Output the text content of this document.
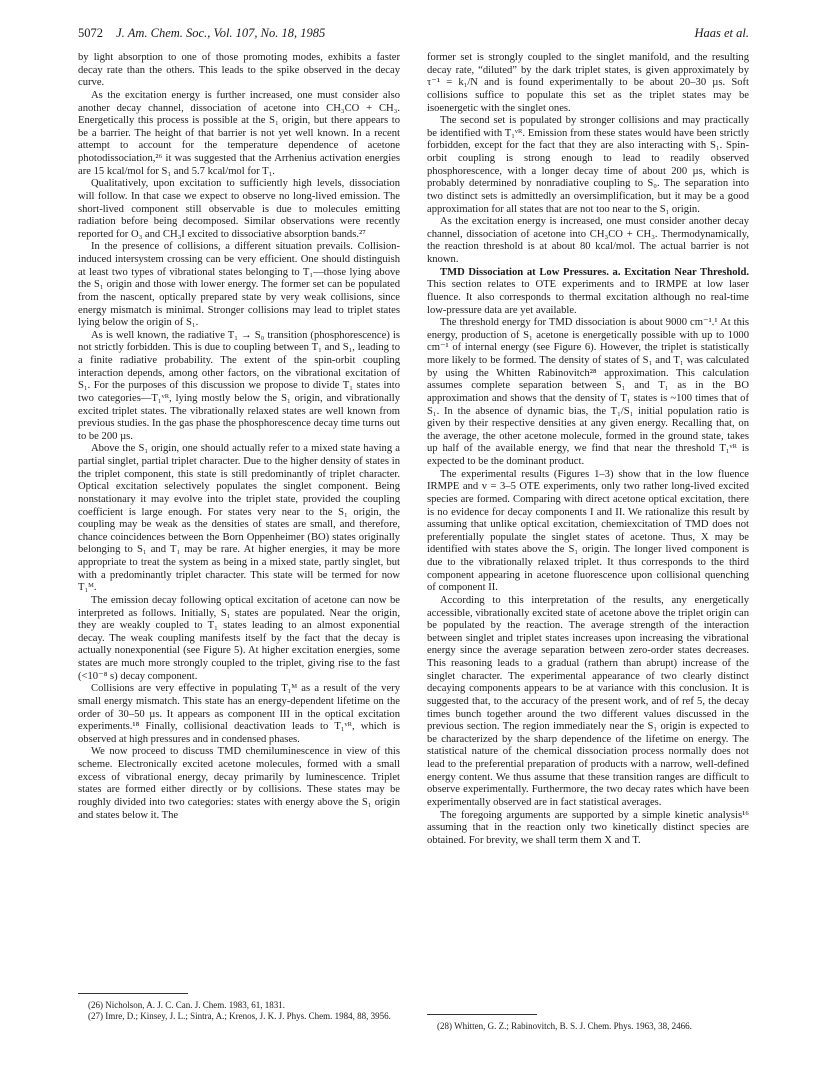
5072 J. Am. Chem. Soc., Vol. 107, No. 18, 1985	Haas et al.

by light absorption to one of those promoting modes, exhibits a faster decay rate than the others. This leads to the spike observed in the decay curve.

As the excitation energy is further increased, one must consider also another decay channel, dissociation of acetone into CH₃CO + CH₃. Energetically this process is possible at the S₁ origin, but there appears to be a barrier. The height of that barrier is not yet well known. In a recent attempt to account for the temperature dependence of acetone photodissociation,²⁶ it was suggested that the Arrhenius activation energies are 15 kcal/mol for S₁ and 5.7 kcal/mol for T₁.

Qualitatively, upon excitation to sufficiently high levels, dissociation will follow. In that case we expect to observe no long-lived emission. The short-lived component still observable is due to molecules emitting radiation before being decomposed. Similar observations were recently reported for O₃ and CH₃I excited to dissociative absorption bands.²⁷

In the presence of collisions, a different situation prevails. Collision-induced intersystem crossing can be very efficient. One should distinguish at least two types of vibrational states belonging to T₁—those lying above the S₁ origin and those with lower energy. The former set can be populated from the nascent, optically prepared state by very weak collisions, since energy mismatch is minimal. Stronger collisions may lead to triplet states lying below the origin of S₁.

As is well known, the radiative T₁ → S₀ transition (phosphorescence) is not strictly forbidden. This is due to coupling between T₁ and S₁, leading to a finite radiative probability. The extent of the spin-orbit coupling interaction depends, among other factors, on the vibrational excitation of S₁. For the purposes of this discussion we propose to divide T₁ states into two categories—T₁ᵛᴿ, lying mostly below the S₁ origin, and vibrationally excited triplet states. The vibrationally relaxed states are well known from previous studies. In the gas phase the phosphorescence decay time turns out to be 200 µs.

Above the S₁ origin, one should actually refer to a mixed state having a partial singlet, partial triplet character. Due to the higher density of states in the triplet component, this state is still predominantly of triplet character. Optical excitation selectively populates the singlet component. Being nonstationary it may evolve into the triplet state, provided the coupling coefficient is large enough. For states very near to the S₁ origin, the coupling may be weak as the densities of states are small, and therefore, chance coincidences between the Born Oppenheimer (BO) states originally belonging to S₁ and T₁ may be rare. At higher energies, it may be more appropriate to treat the system as being in a mixed state, partly singlet, but with a predominantly triplet character. This state will be termed for now T₁ᴹ.

The emission decay following optical excitation of acetone can now be interpreted as follows. Initially, S₁ states are populated. Near the origin, they are weakly coupled to T₁ states leading to an almost exponential decay. The weak coupling manifests itself by the fact that the decay is actually nonexponential (see Figure 5). At higher excitation energies, some states are much more strongly coupled to the triplet, giving rise to the fast (<10⁻⁸ s) decay component.

Collisions are very effective in populating T₁ᴹ as a result of the very small energy mismatch. This state has an energy-dependent lifetime on the order of 30–50 µs. It appears as component III in the optical excitation experiments.¹⁸ Finally, collisional deactivation leads to T₁ᵛᴿ, which is observed at high pressures and in condensed phases.

We now proceed to discuss TMD chemiluminescence in view of this scheme. Electronically excited acetone molecules, formed with a small excess of vibrational energy, decay primarily by luminescence. Triplet states are formed either directly or by collisions. These states may be roughly divided into two categories: states with energy above the S₁ origin and states below it. The

former set is strongly coupled to the singlet manifold, and the resulting decay rate, “diluted” by the dark triplet states, is given approximately by τ⁻¹ = k₁/N and is found experimentally to be about 20–30 µs. Soft collisions suffice to populate this set as the triplet states may be isoenergetic with the singlet ones.

The second set is populated by stronger collisions and may practically be identified with T₁ᵛᴿ. Emission from these states would have been strictly forbidden, except for the fact that they are also interacting with S₁. Spin-orbit coupling is strong enough to lead to readily observed phosphorescence, with a longer decay time of about 200 µs, which is probably determined by nonradiative coupling to S₀. The separation into two distinct sets is admittedly an oversimplification, but it may be a good approximation for all states that are not too near to the S₁ origin.

As the excitation energy is increased, one must consider another decay channel, dissociation of acetone into CH₃CO + CH₃. Thermodynamically, the reaction threshold is at about 80 kcal/mol. The actual barrier is not known.

TMD Dissociation at Low Pressures. a. Excitation Near Threshold. This section relates to OTE experiments and to IRMPE at low laser fluence. It also corresponds to thermal excitation although no real-time low-pressure data are yet available.

The threshold energy for TMD dissociation is about 9000 cm⁻¹.¹ At this energy, production of S₁ acetone is energetically possible with up to 1000 cm⁻¹ of internal energy (see Figure 6). However, the triplet is statistically more likely to be formed. The density of states of S₁ and T₁ was calculated by using the Whitten Rabinovitch²⁸ approximation. This calculation assumes complete separation between S₁ and T₁ as in the BO approximation and shows that the density of T₁ states is ~100 times that of S₁. In the absence of dynamic bias, the T₁/S₁ initial population ratio is given by their respective densities at any given energy. Recalling that, on the average, the other acetone molecule, formed in the ground state, takes up half of the available energy, we find that near the threshold T₁ᵛᴿ is expected to be the dominant product.

The experimental results (Figures 1–3) show that in the low fluence IRMPE and v = 3–5 OTE experiments, only two rather long-lived excited species are formed. Comparing with direct acetone optical excitation, there is no evidence for decay components I and II. We rationalize this result by assuming that unlike optical excitation, chemiexcitation of TMD does not preferentially populate the singlet states of acetone. Thus, X may be identified with states above the S₁ origin. The longer lived component is due to the vibrationally relaxed triplet. It thus corresponds to the third component appearing in acetone fluorescence upon collisional quenching of component II.

According to this interpretation of the results, any energetically accessible, vibrationally excited state of acetone above the triplet origin can be populated by the reaction. The average strength of the interaction between singlet and triplet states increases upon increasing the vibrational energy since the average separation between zero-order states decreases. This reasoning leads to a gradual (rathern than abrupt) increase of the singlet character. The experimental appearance of two clearly distinct decaying components appears to be at variance with this conclusion. It is suggested that, to the accuracy of the present work, and of ref 5, the decay times bunch together around the two different values discussed in the previous section. The region immediately near the S₁ origin is expected to be characterized by the sharp dependence of the lifetime on energy. The statistical nature of the chemical dissociation process normally does not lead to the preferential preparation of products with a narrow, well-defined energy content. We thus assume that these transition ranges are difficult to observe experimentally. Furthermore, the two decay rates which have been experimentally observed are in fact statistical averages.

The foregoing arguments are supported by a simple kinetic analysis¹⁶ assuming that in the reaction only two kinetically distinct species are obtained. For brevity, we shall term them X and T.

(26) Nicholson, A. J. C. Can. J. Chem. 1983, 61, 1831.

(27) Imre, D.; Kinsey, J. L.; Sintra, A.; Krenos, J. K. J. Phys. Chem. 1984, 88, 3956.

(28) Whitten, G. Z.; Rabinovitch, B. S. J. Chem. Phys. 1963, 38, 2466.
